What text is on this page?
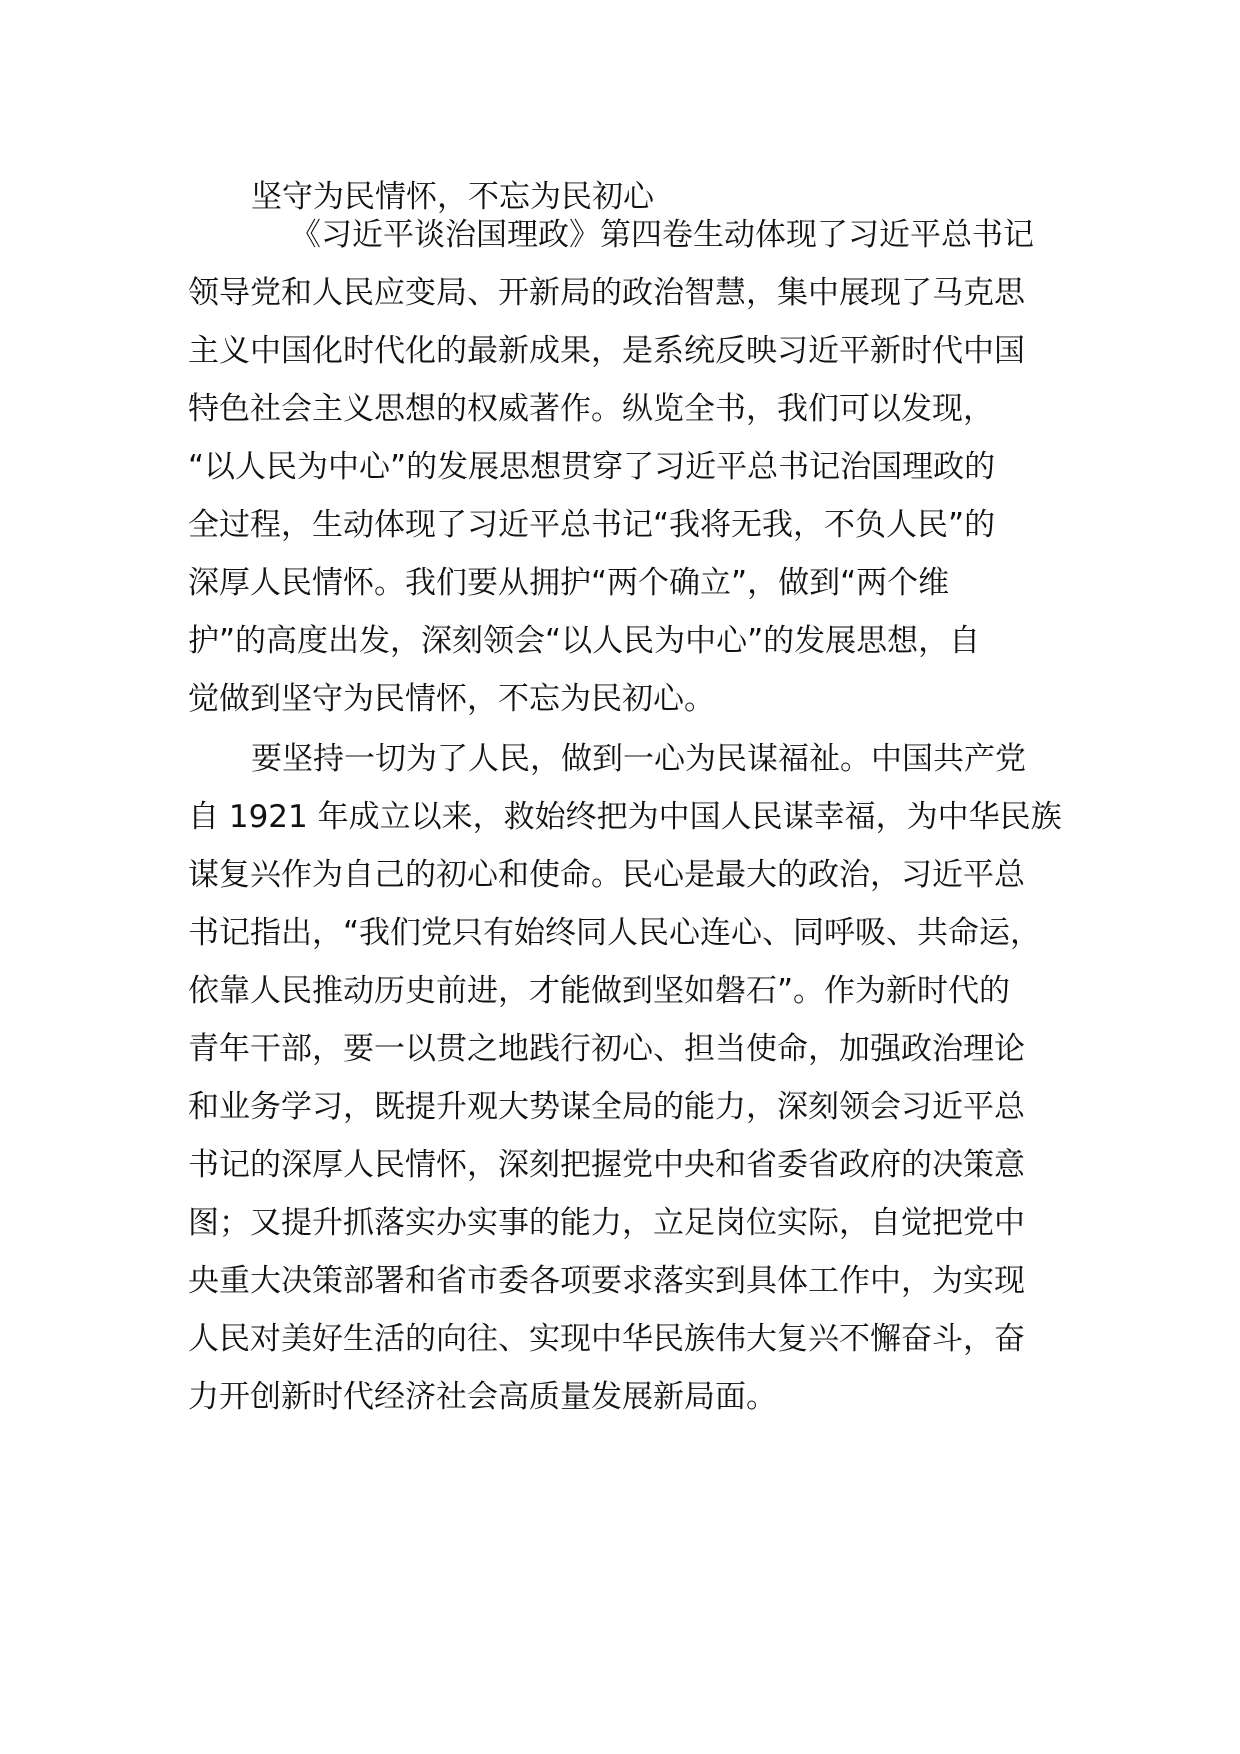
坚守为民情怀，不忘为民初心
《习近平谈治国理政》第四卷生动体现了习近平总书记
领导党和人民应变局、开新局的政治智慧，集中展现了马克思
主义中国化时代化的最新成果，是系统反映习近平新时代中国
特色社会主义思想的权威著作。纵览全书，我们可以发现，
“以人民为中心”的发展思想贯穿了习近平总书记治国理政的
全过程，生动体现了习近平总书记“我将无我，不负人民”的
深厚人民情怀。我们要从拥护“两个确立”，做到“两个维
护”的高度出发，深刻领会“以人民为中心”的发展思想，自
觉做到坚守为民情怀，不忘为民初心。
要坚持一切为了人民，做到一心为民谋福祉。中国共产党
自 1921 年成立以来，救始终把为中国人民谋幸福，为中华民族
谋复兴作为自己的初心和使命。民心是最大的政治，习近平总
书记指出，“我们党只有始终同人民心连心、同呼吸、共命运，
依靠人民推动历史前进，才能做到坚如磐石”。作为新时代的
青年干部，要一以贯之地践行初心、担当使命，加强政治理论
和业务学习，既提升观大势谋全局的能力，深刻领会习近平总
书记的深厚人民情怀，深刻把握党中央和省委省政府的决策意
图；又提升抓落实办实事的能力，立足岗位实际，自觉把党中
央重大决策部署和省市委各项要求落实到具体工作中，为实现
人民对美好生活的向往、实现中华民族伟大复兴不懈奋斗，奋
力开创新时代经济社会高质量发展新局面。
